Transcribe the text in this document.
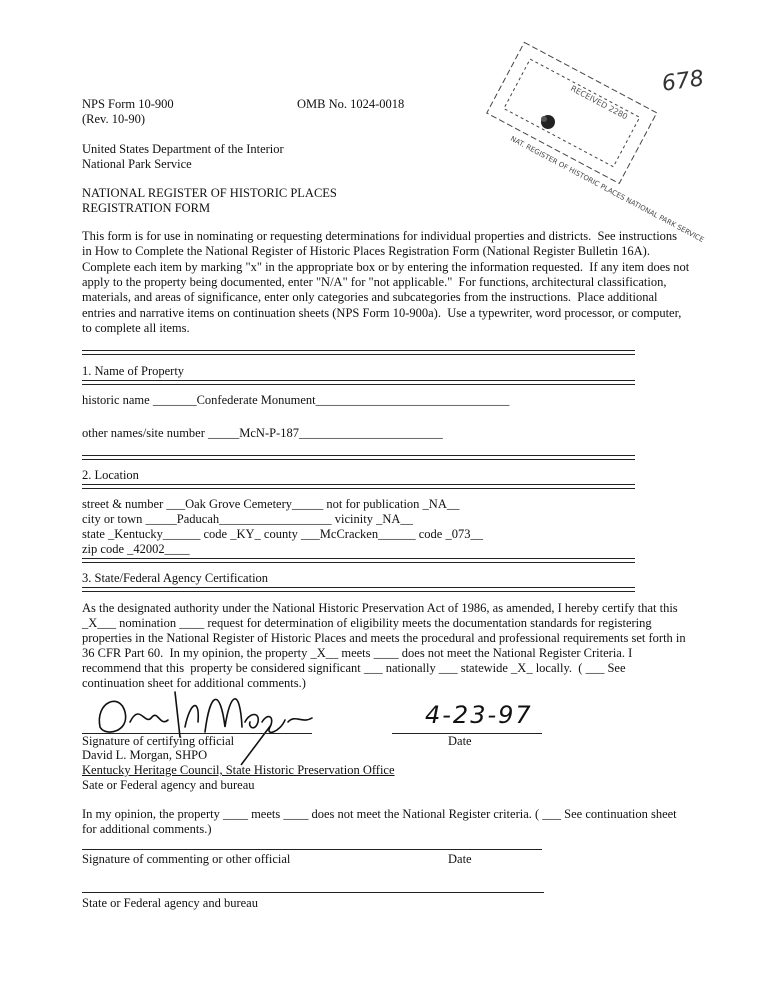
NPS Form 10-900
(Rev. 10-90)
OMB No. 1024-0018
United States Department of the Interior
National Park Service
NATIONAL REGISTER OF HISTORIC PLACES
REGISTRATION FORM
RECEIVED 2280
NAT. REGISTER OF HISTORIC PLACES NATIONAL PARK SERVICE
678
This form is for use in nominating or requesting determinations for individual properties and districts.  See instructions
in How to Complete the National Register of Historic Places Registration Form (National Register Bulletin 16A).
Complete each item by marking "x" in the appropriate box or by entering the information requested.  If any item does not
apply to the property being documented, enter "N/A" for "not applicable."  For functions, architectural classification,
materials, and areas of significance, enter only categories and subcategories from the instructions.  Place additional
entries and narrative items on continuation sheets (NPS Form 10-900a).  Use a typewriter, word processor, or computer,
to complete all items.
1. Name of Property
historic name _______Confederate Monument_______________________________
other names/site number _____McN-P-187_______________________
2. Location
street & number ___Oak Grove Cemetery_____ not for publication _NA__
city or town _____Paducah__________________ vicinity _NA__
state _Kentucky______ code _KY_ county ___McCracken______ code _073__
zip code _42002____
3. State/Federal Agency Certification
As the designated authority under the National Historic Preservation Act of 1986, as amended, I hereby certify that this
_X___ nomination ____ request for determination of eligibility meets the documentation standards for registering
properties in the National Register of Historic Places and meets the procedural and professional requirements set forth in
36 CFR Part 60.  In my opinion, the property _X__ meets ____ does not meet the National Register Criteria. I
recommend that this  property be considered significant ___ nationally ___ statewide _X_ locally.  ( ___ See
continuation sheet for additional comments.)
4-23-97
Signature of certifying official	Date
David L. Morgan, SHPO
Kentucky Heritage Council, State Historic Preservation Office
Sate or Federal agency and bureau
In my opinion, the property ____ meets ____ does not meet the National Register criteria. ( ___ See continuation sheet
for additional comments.)
Signature of commenting or other official	Date
State or Federal agency and bureau
